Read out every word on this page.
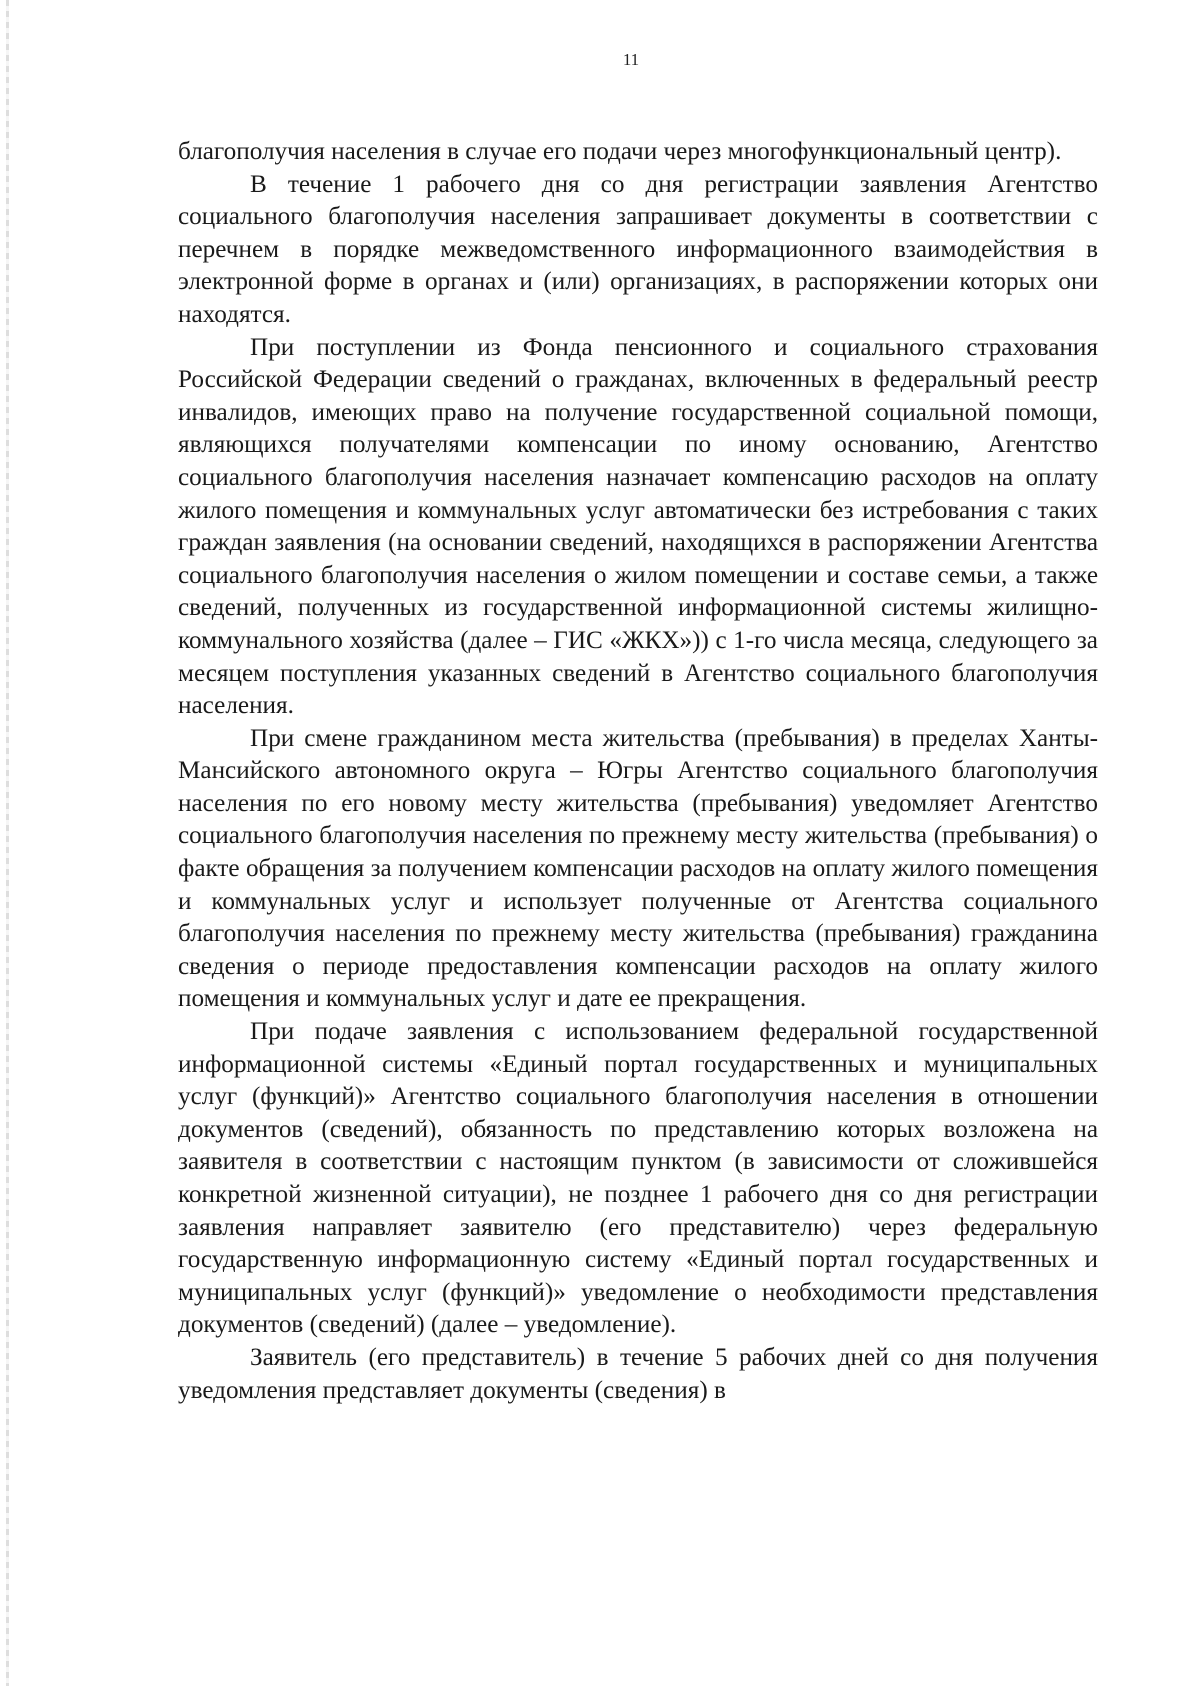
11

благополучия населения в случае его подачи через многофункциональный центр).

В течение 1 рабочего дня со дня регистрации заявления Агентство социального благополучия населения запрашивает документы в соответствии с перечнем в порядке межведомственного информационного взаимодействия в электронной форме в органах и (или) организациях, в распоряжении которых они находятся.

При поступлении из Фонда пенсионного и социального страхования Российской Федерации сведений о гражданах, включенных в федеральный реестр инвалидов, имеющих право на получение государственной социальной помощи, являющихся получателями компенсации по иному основанию, Агентство социального благополучия населения назначает компенсацию расходов на оплату жилого помещения и коммунальных услуг автоматически без истребования с таких граждан заявления (на основании сведений, находящихся в распоряжении Агентства социального благополучия населения о жилом помещении и составе семьи, а также сведений, полученных из государственной информационной системы жилищно-коммунального хозяйства (далее – ГИС «ЖКХ»)) с 1-го числа месяца, следующего за месяцем поступления указанных сведений в Агентство социального благополучия населения.

При смене гражданином места жительства (пребывания) в пределах Ханты-Мансийского автономного округа – Югры Агентство социального благополучия населения по его новому месту жительства (пребывания) уведомляет Агентство социального благополучия населения по прежнему месту жительства (пребывания) о факте обращения за получением компенсации расходов на оплату жилого помещения и коммунальных услуг и использует полученные от Агентства социального благополучия населения по прежнему месту жительства (пребывания) гражданина сведения о периоде предоставления компенсации расходов на оплату жилого помещения и коммунальных услуг и дате ее прекращения.

При подаче заявления с использованием федеральной государственной информационной системы «Единый портал государственных и муниципальных услуг (функций)» Агентство социального благополучия населения в отношении документов (сведений), обязанность по представлению которых возложена на заявителя в соответствии с настоящим пунктом (в зависимости от сложившейся конкретной жизненной ситуации), не позднее 1 рабочего дня со дня регистрации заявления направляет заявителю (его представителю) через федеральную государственную информационную систему «Единый портал государственных и муниципальных услуг (функций)» уведомление о необходимости представления документов (сведений) (далее – уведомление).

Заявитель (его представитель) в течение 5 рабочих дней со дня получения уведомления представляет документы (сведения) в
